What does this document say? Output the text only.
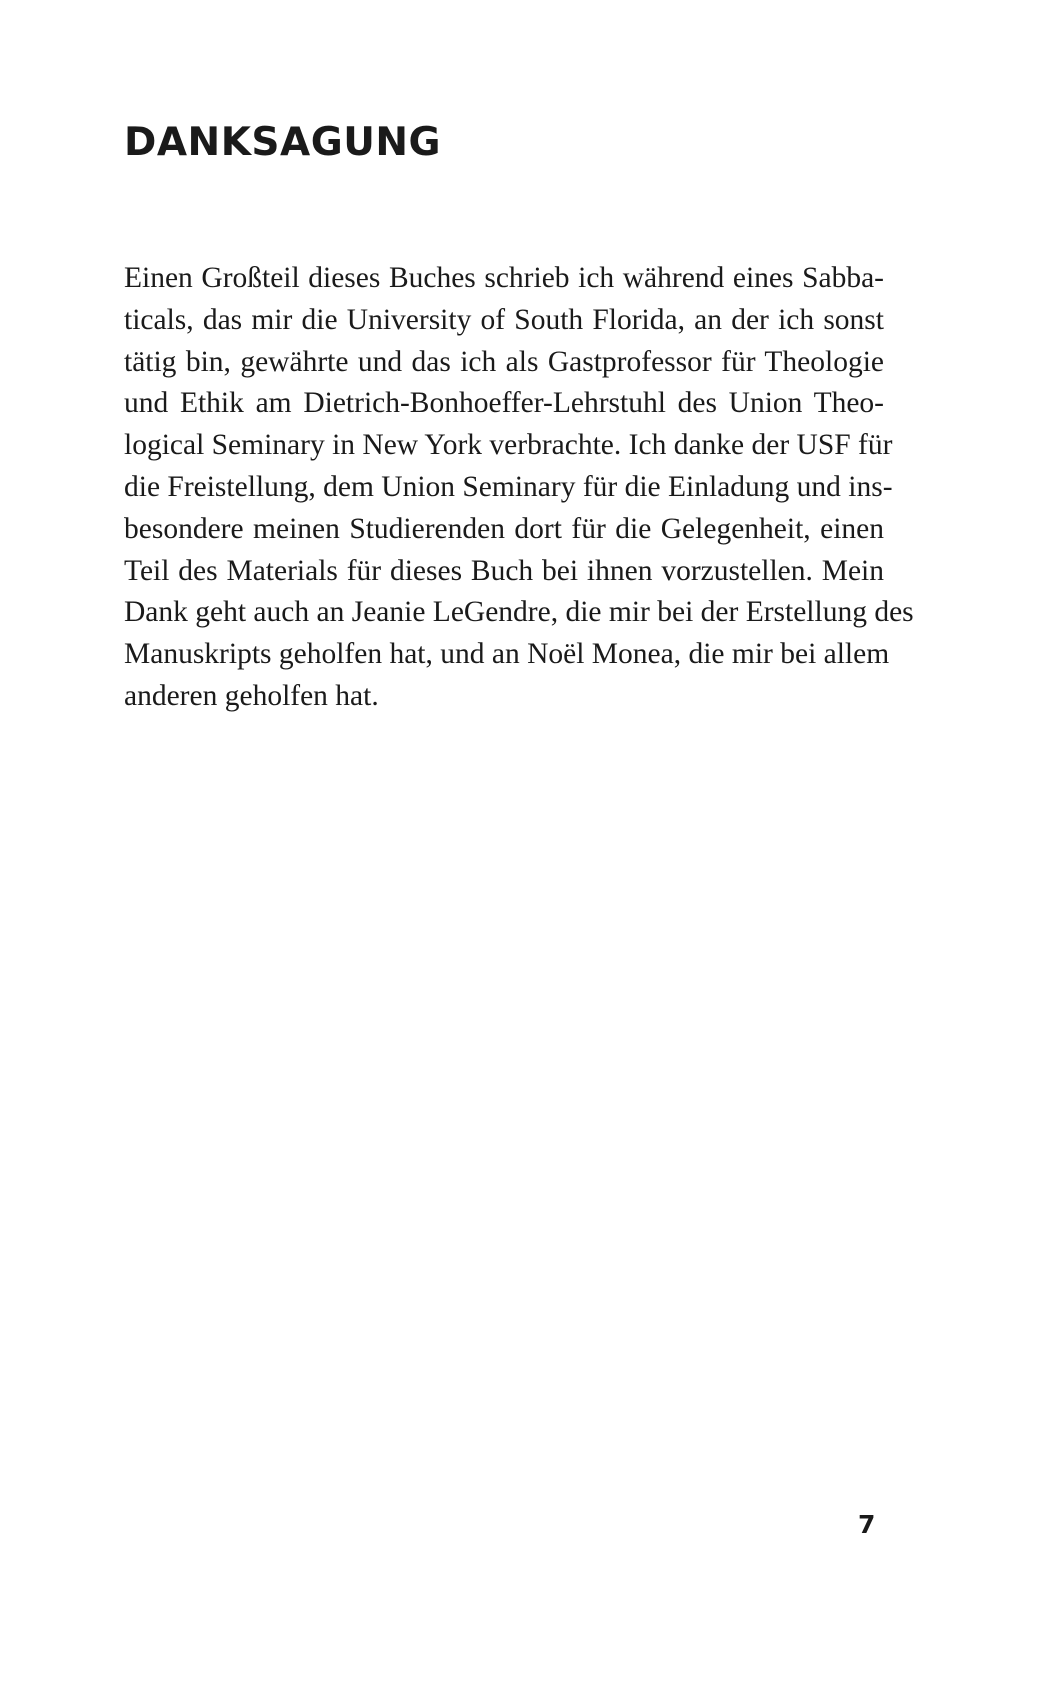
DANKSAGUNG
Einen Großteil dieses Buches schrieb ich während eines Sabba-
ticals, das mir die University of South Florida, an der ich sonst
tätig bin, gewährte und das ich als Gastprofessor für Theologie
und Ethik am Dietrich-Bonhoeffer-Lehrstuhl des Union Theo-
logical Seminary in New York verbrachte. Ich danke der USF für
die Freistellung, dem Union Seminary für die Einladung und ins-
besondere meinen Studierenden dort für die Gelegenheit, einen
Teil des Materials für dieses Buch bei ihnen vorzustellen. Mein
Dank geht auch an Jeanie LeGendre, die mir bei der Erstellung des
Manuskripts geholfen hat, und an Noël Monea, die mir bei allem
anderen geholfen hat.
7
